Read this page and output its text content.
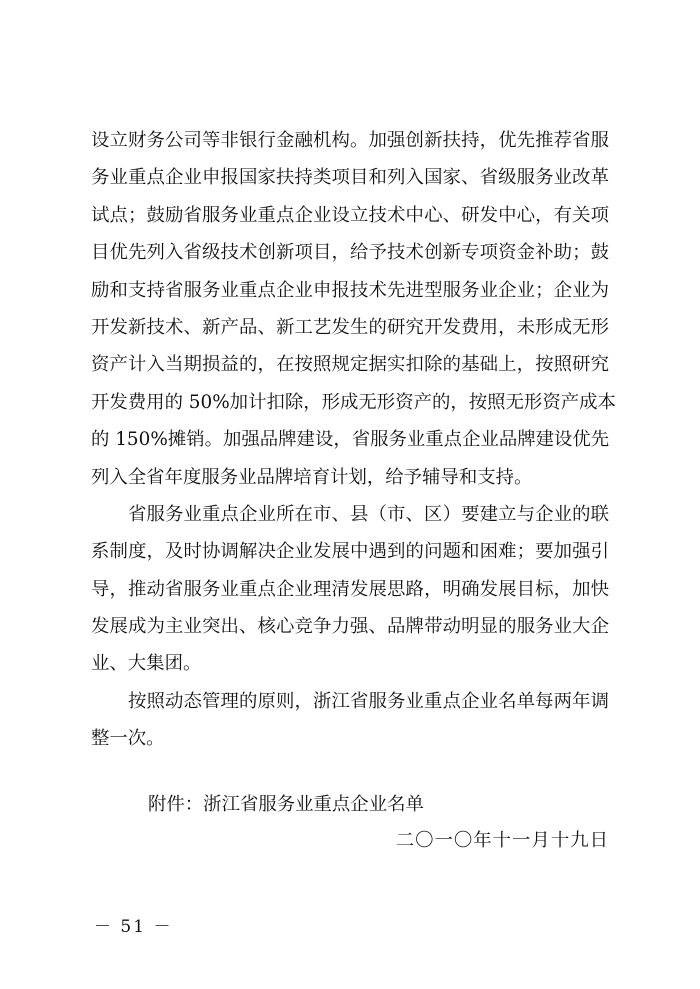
设立财务公司等非银行金融机构。加强创新扶持，优先推荐省服
务业重点企业申报国家扶持类项目和列入国家、省级服务业改革
试点；鼓励省服务业重点企业设立技术中心、研发中心，有关项
目优先列入省级技术创新项目，给予技术创新专项资金补助；鼓
励和支持省服务业重点企业申报技术先进型服务业企业；企业为
开发新技术、新产品、新工艺发生的研究开发费用，未形成无形
资产计入当期损益的，在按照规定据实扣除的基础上，按照研究
开发费用的 50%加计扣除，形成无形资产的，按照无形资产成本
的 150%摊销。加强品牌建设，省服务业重点企业品牌建设优先
列入全省年度服务业品牌培育计划，给予辅导和支持。
省服务业重点企业所在市、县（市、区）要建立与企业的联
系制度，及时协调解决企业发展中遇到的问题和困难；要加强引
导，推动省服务业重点企业理清发展思路，明确发展目标，加快
发展成为主业突出、核心竞争力强、品牌带动明显的服务业大企
业、大集团。
按照动态管理的原则，浙江省服务业重点企业名单每两年调
整一次。
附件：浙江省服务业重点企业名单
二〇一〇年十一月十九日
－ 51 －
